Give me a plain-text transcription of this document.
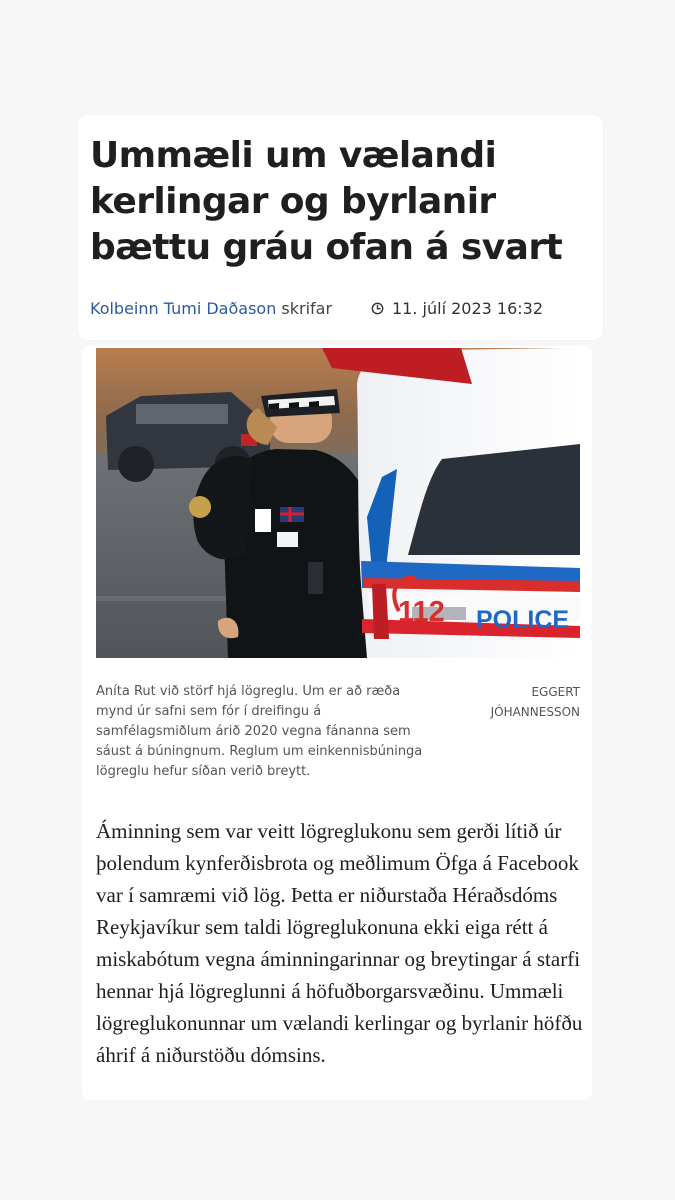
Ummæli um vælandi kerlingar og byrlanir bættu gráu ofan á svart
Kolbeinn Tumi Daðason skrifar	11. júlí 2023 16:32
112 POLICE

Aníta Rut við störf hjá lögreglu. Um er að ræða mynd úr safni sem fór í dreifingu á samfélagsmiðlum árið 2020 vegna fánanna sem sáust á búningnum. Reglum um einkennisbúninga lögreglu hefur síðan verið breytt.

EGGERT JÓHANNESSON

Áminning sem var veitt lögreglukonu sem gerði lítið úr þolendum kynferðisbrota og meðlimum Öfga á Facebook var í samræmi við lög. Þetta er niðurstaða Héraðsdóms Reykjavíkur sem taldi lögreglukonuna ekki eiga rétt á miskabótum vegna áminningarinnar og breytingar á starfi hennar hjá lögreglunni á höfuðborgarsvæðinu. Ummæli lögreglukonunnar um vælandi kerlingar og byrlanir höfðu áhrif á niðurstöðu dómsins.
